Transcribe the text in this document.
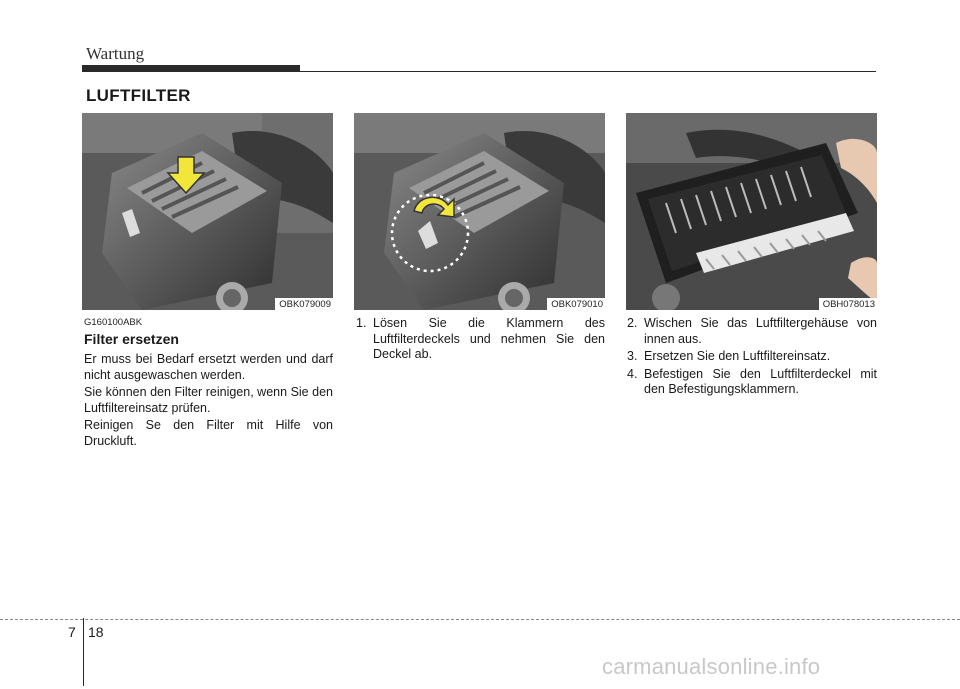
Wartung
LUFTFILTER
OBK079009	OBK079010	OBH078013
G160100ABK
Filter ersetzen

Er muss bei Bedarf ersetzt werden und darf nicht ausgewaschen werden.

Sie können den Filter reinigen, wenn Sie den Luftfiltereinsatz prüfen.

Reinigen Se den Filter mit Hilfe von Druckluft.

1. Lösen Sie die Klammern des Luftfilterdeckels und nehmen Sie den Deckel ab.
2. Wischen Sie das Luftfiltergehäuse von innen aus.
3. Ersetzen Sie den Luftfiltereinsatz.
4. Befestigen Sie den Luftfilterdeckel mit den Befestigungsklammern.
7 18
carmanualsonline.info
